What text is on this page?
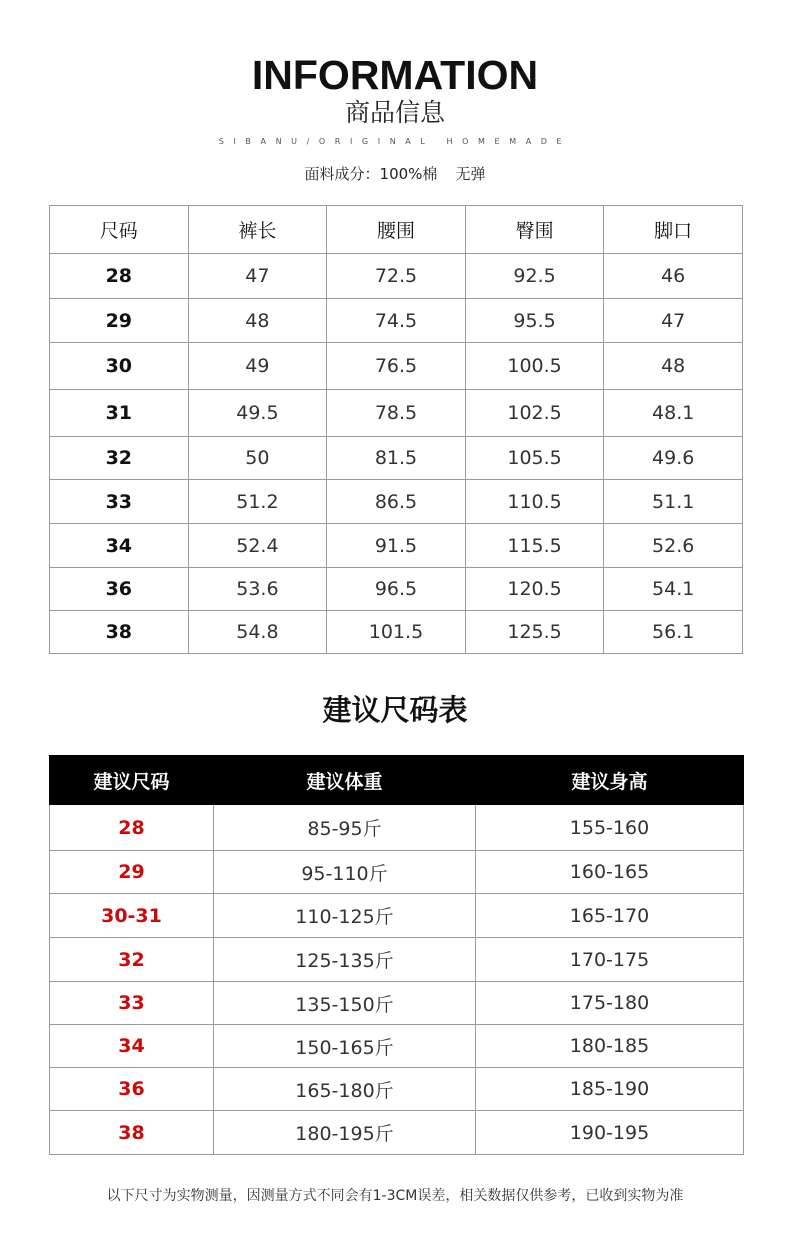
INFORMATION
商品信息
SIBANU/ORIGINAL HOMEMADE
面料成分：100%棉 无弹
尺码	裤长	腰围	臀围	脚口
28	47	72.5	92.5	46
29	48	74.5	95.5	47
30	49	76.5	100.5	48
31	49.5	78.5	102.5	48.1
32	50	81.5	105.5	49.6
33	51.2	86.5	110.5	51.1
34	52.4	91.5	115.5	52.6
36	53.6	96.5	120.5	54.1
38	54.8	101.5	125.5	56.1
建议尺码表
建议尺码	建议体重	建议身高
28	85-95斤	155-160
29	95-110斤	160-165
30-31	110-125斤	165-170
32	125-135斤	170-175
33	135-150斤	175-180
34	150-165斤	180-185
36	165-180斤	185-190
38	180-195斤	190-195
以下尺寸为实物测量，因测量方式不同会有1-3CM误差，相关数据仅供参考，已收到实物为准
